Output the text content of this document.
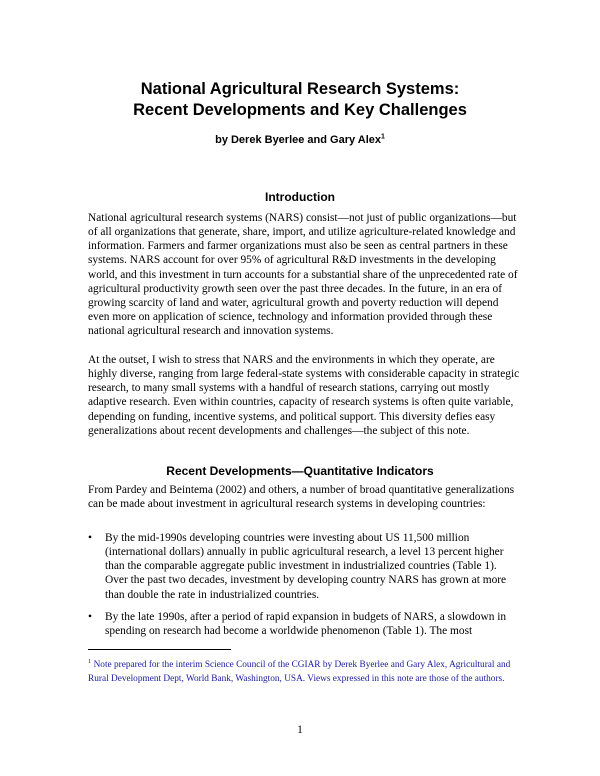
National Agricultural Research Systems:
Recent Developments and Key Challenges
by Derek Byerlee and Gary Alex$^1$
Introduction

National agricultural research systems (NARS) consist—not just of public organizations—but of all organizations that generate, share, import, and utilize agriculture-related knowledge and information. Farmers and farmer organizations must also be seen as central partners in these systems. NARS account for over 95% of agricultural R&D investments in the developing world, and this investment in turn accounts for a substantial share of the unprecedented rate of agricultural productivity growth seen over the past three decades. In the future, in an era of growing scarcity of land and water, agricultural growth and poverty reduction will depend even more on application of science, technology and information provided through these national agricultural research and innovation systems.

At the outset, I wish to stress that NARS and the environments in which they operate, are highly diverse, ranging from large federal-state systems with considerable capacity in strategic research, to many small systems with a handful of research stations, carrying out mostly adaptive research. Even within countries, capacity of research systems is often quite variable, depending on funding, incentive systems, and political support. This diversity defies easy generalizations about recent developments and challenges—the subject of this note.

Recent Developments—Quantitative Indicators

From Pardey and Beintema (2002) and others, a number of broad quantitative generalizations can be made about investment in agricultural research systems in developing countries:

• By the mid-1990s developing countries were investing about US 11,500 million (international dollars) annually in public agricultural research, a level 13 percent higher than the comparable aggregate public investment in industrialized countries (Table 1). Over the past two decades, investment by developing country NARS has grown at more than double the rate in industrialized countries.
• By the late 1990s, after a period of rapid expansion in budgets of NARS, a slowdown in spending on research had become a worldwide phenomenon (Table 1). The most
$^1$ Note prepared for the interim Science Council of the CGIAR by Derek Byerlee and Gary Alex, Agricultural and Rural Development Dept, World Bank, Washington, USA. Views expressed in this note are those of the authors.
1
